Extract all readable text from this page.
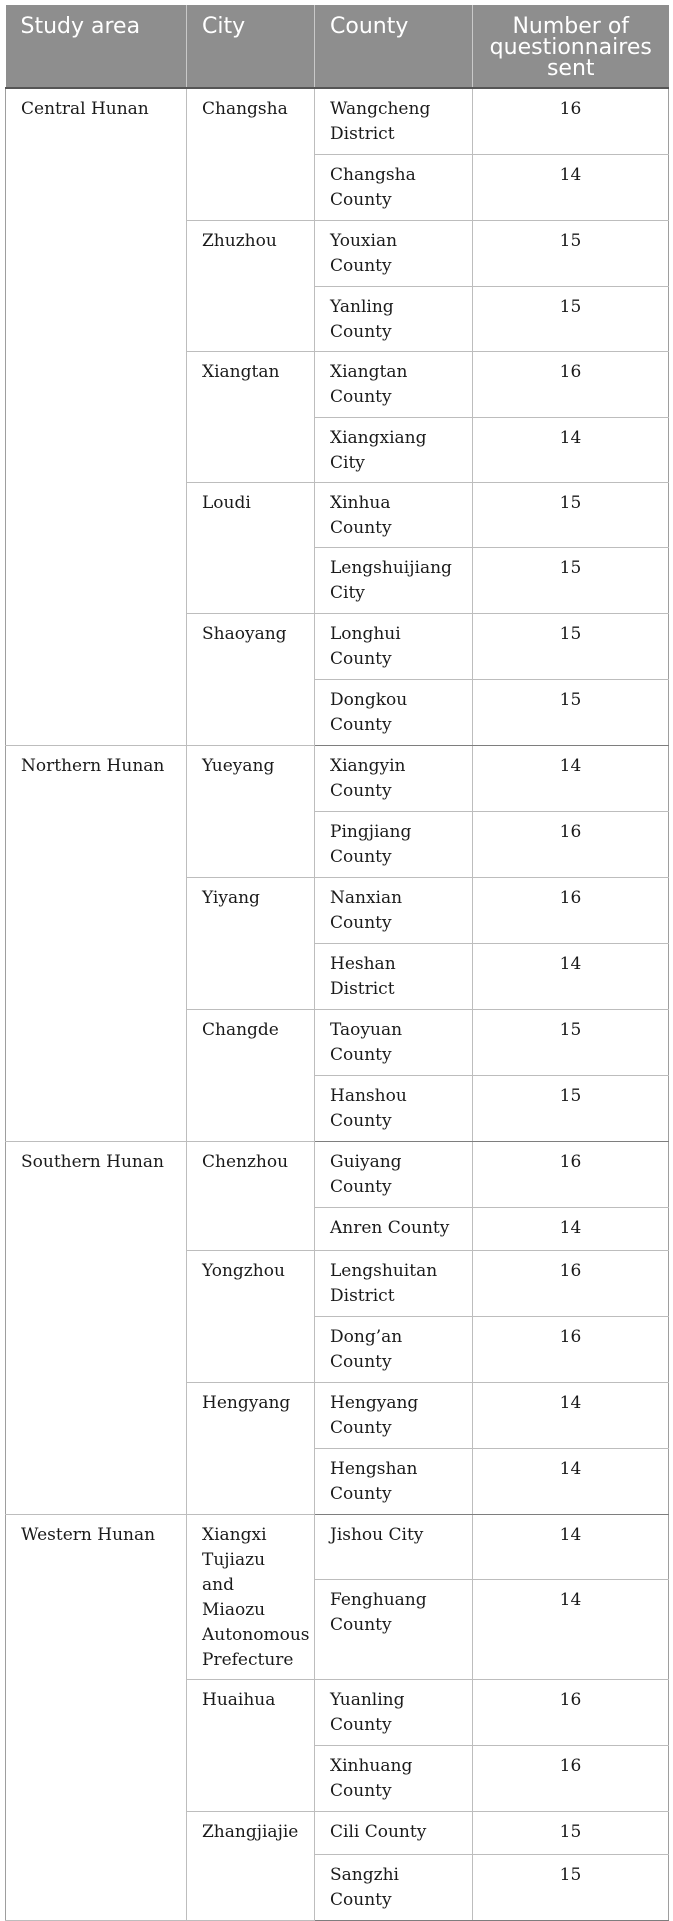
Study area	City	County	Number of questionnaires sent
Central Hunan	Changsha	Wangcheng District	16
		Changsha County	14
	Zhuzhou	Youxian County	15
		Yanling County	15
	Xiangtan	Xiangtan County	16
		Xiangxiang City	14
	Loudi	Xinhua County	15
		Lengshuijiang City	15
	Shaoyang	Longhui County	15
		Dongkou County	15
Northern Hunan	Yueyang	Xiangyin County	14
		Pingjiang County	16
	Yiyang	Nanxian County	16
		Heshan District	14
	Changde	Taoyuan County	15
		Hanshou County	15
Southern Hunan	Chenzhou	Guiyang County	16
		Anren County	14
	Yongzhou	Lengshuitan District	16
		Dong’an County	16
	Hengyang	Hengyang County	14
		Hengshan County	14
Western Hunan	Xiangxi Tujiazu and Miaozu Autonomous Prefecture	Jishou City	14
		Fenghuang County	14
	Huaihua	Yuanling County	16
		Xinhuang County	16
	Zhangjiajie	Cili County	15
		Sangzhi County	15
